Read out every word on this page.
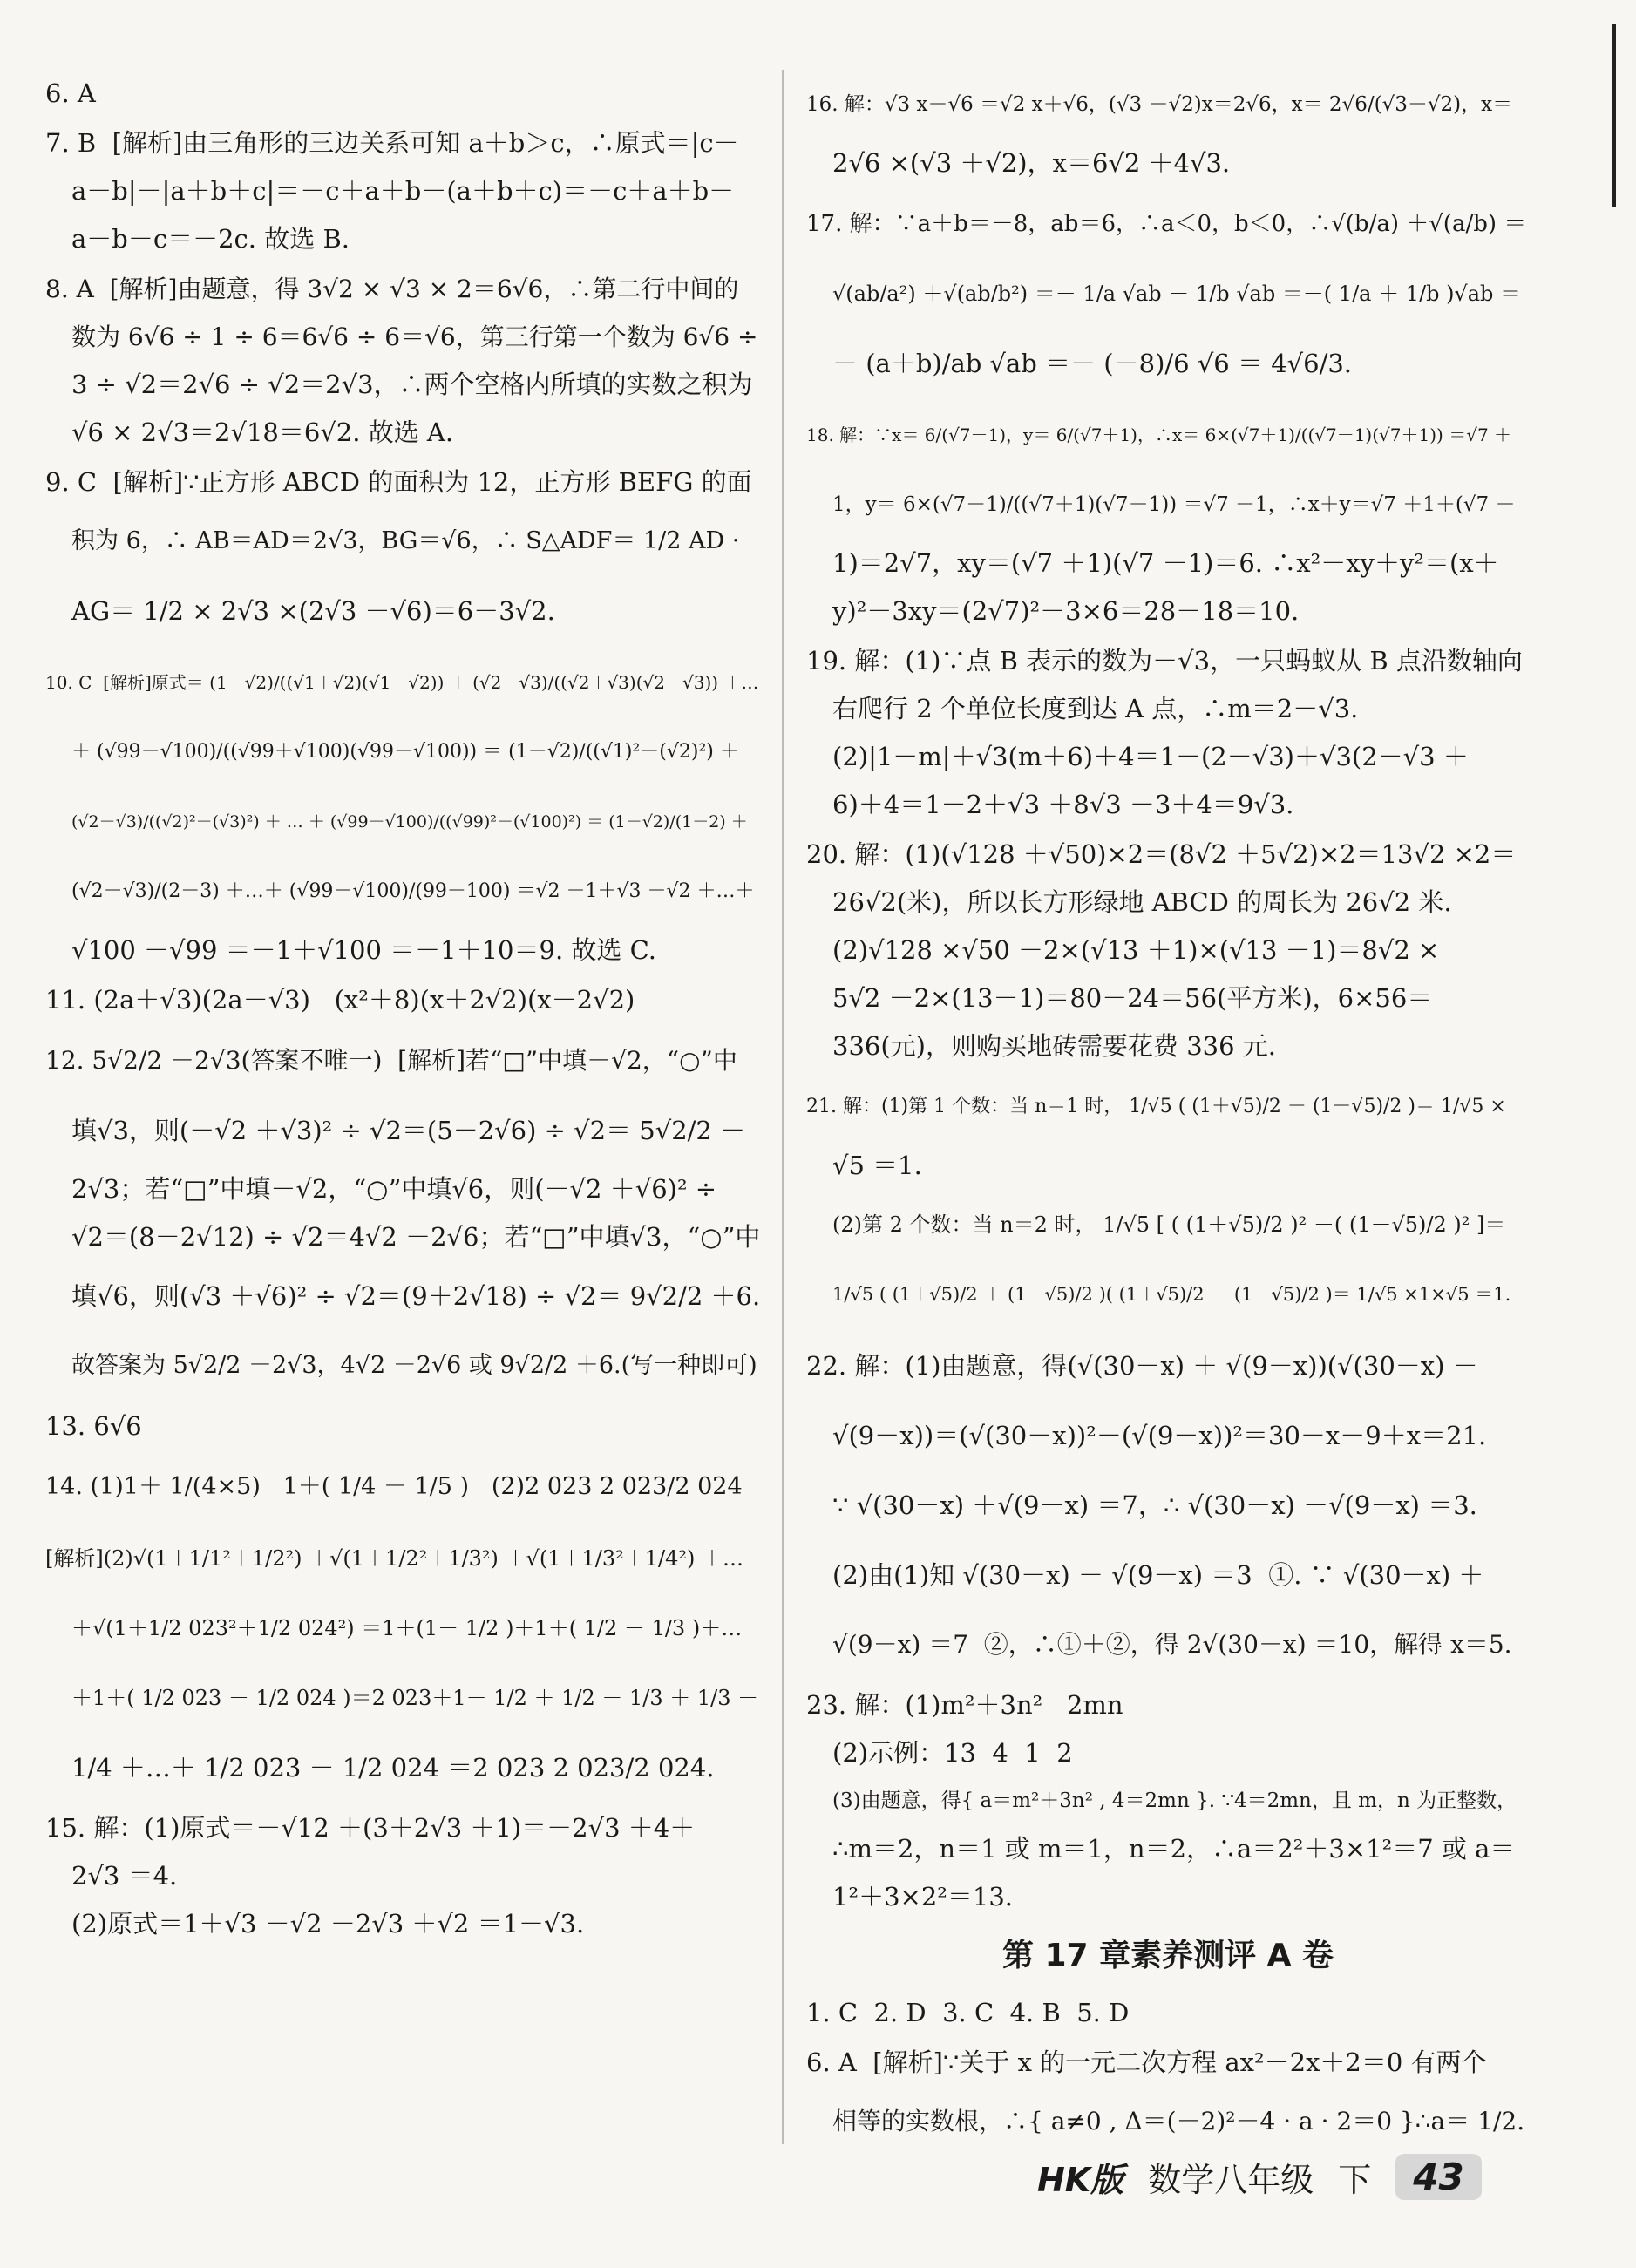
6. A
7. B  [解析]由三角形的三边关系可知 a＋b＞c，∴原式＝|c－
a－b|－|a＋b＋c|＝－c＋a＋b－(a＋b＋c)＝－c＋a＋b－
a－b－c＝－2c. 故选 B.
8. A  [解析]由题意，得 3√2 × √3 × 2＝6√6，∴第二行中间的
数为 6√6 ÷ 1 ÷ 6＝6√6 ÷ 6＝√6，第三行第一个数为 6√6 ÷
3 ÷ √2＝2√6 ÷ √2＝2√3，∴两个空格内所填的实数之积为
√6 × 2√3＝2√18＝6√2. 故选 A.
9. C  [解析]∵正方形 ABCD 的面积为 12，正方形 BEFG 的面
积为 6，∴ AB＝AD＝2√3，BG＝√6，∴ S△ADF＝ 1/2 AD ·
AG＝ 1/2 × 2√3 ×(2√3 －√6)＝6－3√2.
10. C  [解析]原式＝ (1－√2)/((√1＋√2)(√1－√2)) ＋ (√2－√3)/((√2＋√3)(√2－√3)) ＋…
＋ (√99－√100)/((√99＋√100)(√99－√100)) ＝ (1－√2)/((√1)²－(√2)²) ＋
(√2－√3)/((√2)²－(√3)²) ＋ … ＋ (√99－√100)/((√99)²－(√100)²) ＝ (1－√2)/(1－2) ＋
(√2－√3)/(2－3) ＋…＋ (√99－√100)/(99－100) ＝√2 －1＋√3 －√2 ＋…＋
√100 －√99 ＝－1＋√100 ＝－1＋10＝9. 故选 C.
11. (2a＋√3)(2a－√3)   (x²＋8)(x＋2√2)(x－2√2)
12. 5√2/2 －2√3(答案不唯一)  [解析]若“□”中填－√2，“○”中
填√3，则(－√2 ＋√3)² ÷ √2＝(5－2√6) ÷ √2＝ 5√2/2 －
2√3；若“□”中填－√2，“○”中填√6，则(－√2 ＋√6)² ÷
√2＝(8－2√12) ÷ √2＝4√2 －2√6；若“□”中填√3，“○”中
填√6，则(√3 ＋√6)² ÷ √2＝(9＋2√18) ÷ √2＝ 9√2/2 ＋6.
故答案为 5√2/2 －2√3，4√2 －2√6 或 9√2/2 ＋6.(写一种即可)
13. 6√6
14. (1)1＋ 1/(4×5)   1＋( 1/4 － 1/5 )   (2)2 023 2 023/2 024
[解析](2)√(1＋1/1²＋1/2²) ＋√(1＋1/2²＋1/3²) ＋√(1＋1/3²＋1/4²) ＋…
＋√(1＋1/2 023²＋1/2 024²) ＝1＋(1－ 1/2 )＋1＋( 1/2 － 1/3 )＋…
＋1＋( 1/2 023 － 1/2 024 )＝2 023＋1－ 1/2 ＋ 1/2 － 1/3 ＋ 1/3 －
1/4 ＋…＋ 1/2 023 － 1/2 024 ＝2 023 2 023/2 024.
15. 解：(1)原式＝－√12 ＋(3＋2√3 ＋1)＝－2√3 ＋4＋
2√3 ＝4.
(2)原式＝1＋√3 －√2 －2√3 ＋√2 ＝1－√3.
16. 解：√3 x－√6 ＝√2 x＋√6，(√3 －√2)x＝2√6，x＝ 2√6/(√3－√2)，x＝
2√6 ×(√3 ＋√2)，x＝6√2 ＋4√3.
17. 解：∵a＋b＝－8，ab＝6，∴a＜0，b＜0，∴√(b/a) ＋√(a/b) ＝
√(ab/a²) ＋√(ab/b²) ＝－ 1/a √ab － 1/b √ab ＝－( 1/a ＋ 1/b )√ab ＝
－ (a＋b)/ab √ab ＝－ (－8)/6 √6 ＝ 4√6/3.
18. 解：∵x＝ 6/(√7－1)，y＝ 6/(√7＋1)，∴x＝ 6×(√7＋1)/((√7－1)(√7＋1)) ＝√7 ＋
1，y＝ 6×(√7－1)/((√7＋1)(√7－1)) ＝√7 －1，∴x＋y＝√7 ＋1＋(√7 －
1)＝2√7，xy＝(√7 ＋1)(√7 －1)＝6. ∴x²－xy＋y²＝(x＋
y)²－3xy＝(2√7)²－3×6＝28－18＝10.
19. 解：(1)∵点 B 表示的数为－√3，一只蚂蚁从 B 点沿数轴向
右爬行 2 个单位长度到达 A 点，∴m＝2－√3.
(2)|1－m|＋√3(m＋6)＋4＝1－(2－√3)＋√3(2－√3 ＋
6)＋4＝1－2＋√3 ＋8√3 －3＋4＝9√3.
20. 解：(1)(√128 ＋√50)×2＝(8√2 ＋5√2)×2＝13√2 ×2＝
26√2(米)，所以长方形绿地 ABCD 的周长为 26√2 米.
(2)√128 ×√50 －2×(√13 ＋1)×(√13 －1)＝8√2 ×
5√2 －2×(13－1)＝80－24＝56(平方米)，6×56＝
336(元)，则购买地砖需要花费 336 元.
21. 解：(1)第 1 个数：当 n＝1 时， 1/√5 ( (1＋√5)/2 － (1－√5)/2 )＝ 1/√5 ×
√5 ＝1.
(2)第 2 个数：当 n＝2 时， 1/√5 [ ( (1＋√5)/2 )² －( (1－√5)/2 )² ]＝
1/√5 ( (1＋√5)/2 ＋ (1－√5)/2 )( (1＋√5)/2 － (1－√5)/2 )＝ 1/√5 ×1×√5 ＝1.
22. 解：(1)由题意，得(√(30－x) ＋ √(9－x))(√(30－x) －
√(9－x))＝(√(30－x))²－(√(9－x))²＝30－x－9＋x＝21.
∵ √(30－x) ＋√(9－x) ＝7，∴ √(30－x) －√(9－x) ＝3.
(2)由(1)知 √(30－x) － √(9－x) ＝3  ①. ∵ √(30－x) ＋
√(9－x) ＝7  ②，∴①＋②，得 2√(30－x) ＝10，解得 x＝5.
23. 解：(1)m²＋3n²   2mn
(2)示例：13  4  1  2
(3)由题意，得{ a＝m²＋3n² , 4＝2mn }. ∵4＝2mn，且 m，n 为正整数，
∴m＝2，n＝1 或 m＝1，n＝2，∴a＝2²＋3×1²＝7 或 a＝
1²＋3×2²＝13.
第 17 章素养测评 A 卷
1. C  2. D  3. C  4. B  5. D
6. A  [解析]∵关于 x 的一元二次方程 ax²－2x＋2＝0 有两个
相等的实数根，∴{ a≠0 , Δ＝(－2)²－4 · a · 2＝0 }∴a＝ 1/2.
HK版 数学八年级 下	43
